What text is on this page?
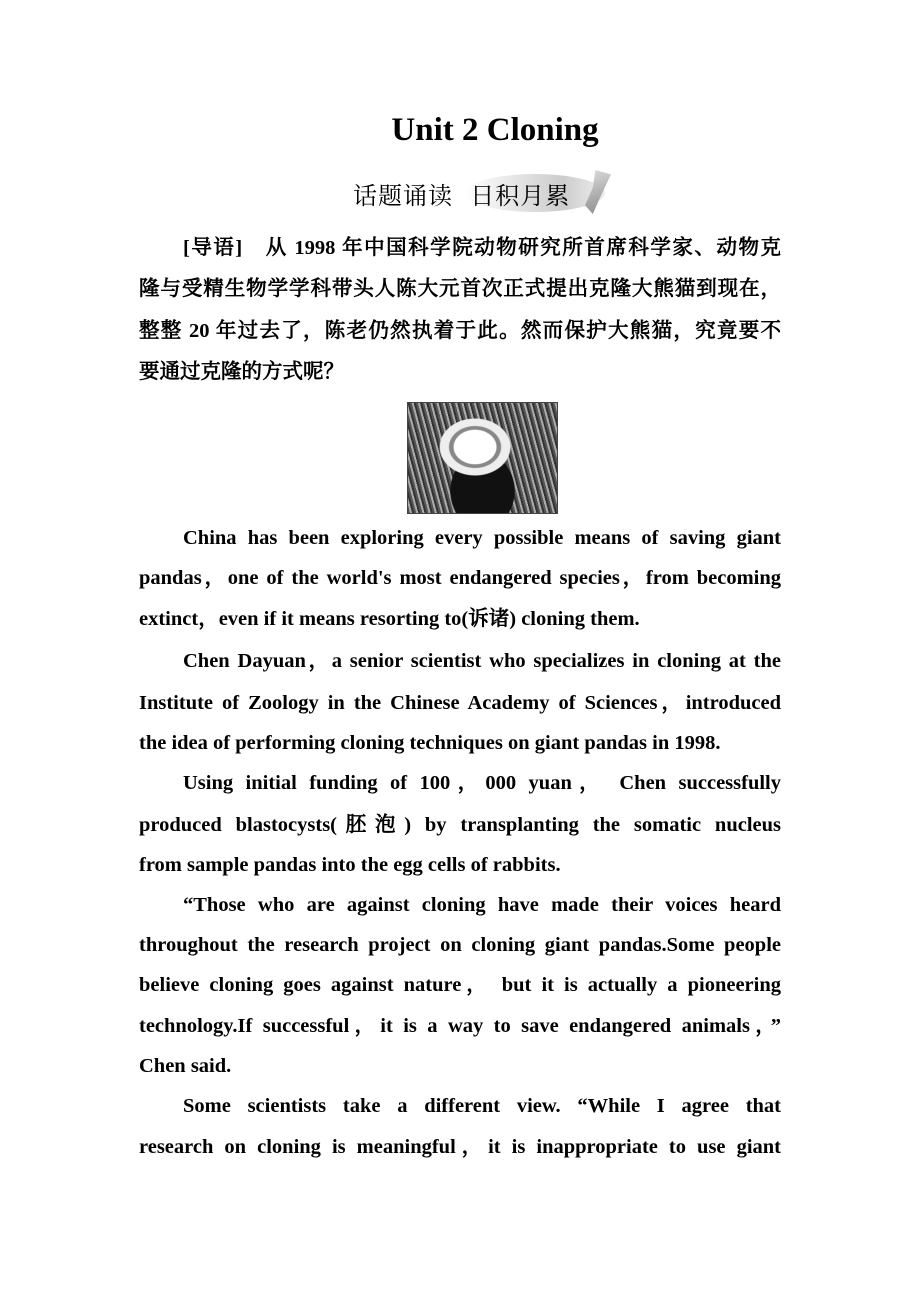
Unit 2 Cloning
话题诵读  日积月累
[导语]　从 1998 年中国科学院动物研究所首席科学家、动物克
隆与受精生物学学科带头人陈大元首次正式提出克隆大熊猫到现在，
整整 20 年过去了，陈老仍然执着于此。然而保护大熊猫，究竟要不
要通过克隆的方式呢？
China has been exploring every possible means of saving giant
pandas，one of the world's most endangered species，from becoming
extinct，even if it means resorting to(诉诸) cloning them.
Chen Dayuan，a senior scientist who specializes in cloning at the
Institute of Zoology in the Chinese Academy of Sciences，introduced
the idea of performing cloning techniques on giant pandas in 1998.
Using initial funding of 100，000 yuan， Chen successfully
produced blastocysts(胚泡) by transplanting the somatic nucleus
from sample pandas into the egg cells of rabbits.
“Those who are against cloning have made their voices heard
throughout the research project on cloning giant pandas.Some people
believe cloning goes against nature， but it is actually a pioneering
technology.If successful，it is a way to save endangered animals，”
Chen said.
Some scientists take a different view. “While I agree that
research on cloning is meaningful，it is inappropriate to use giant
